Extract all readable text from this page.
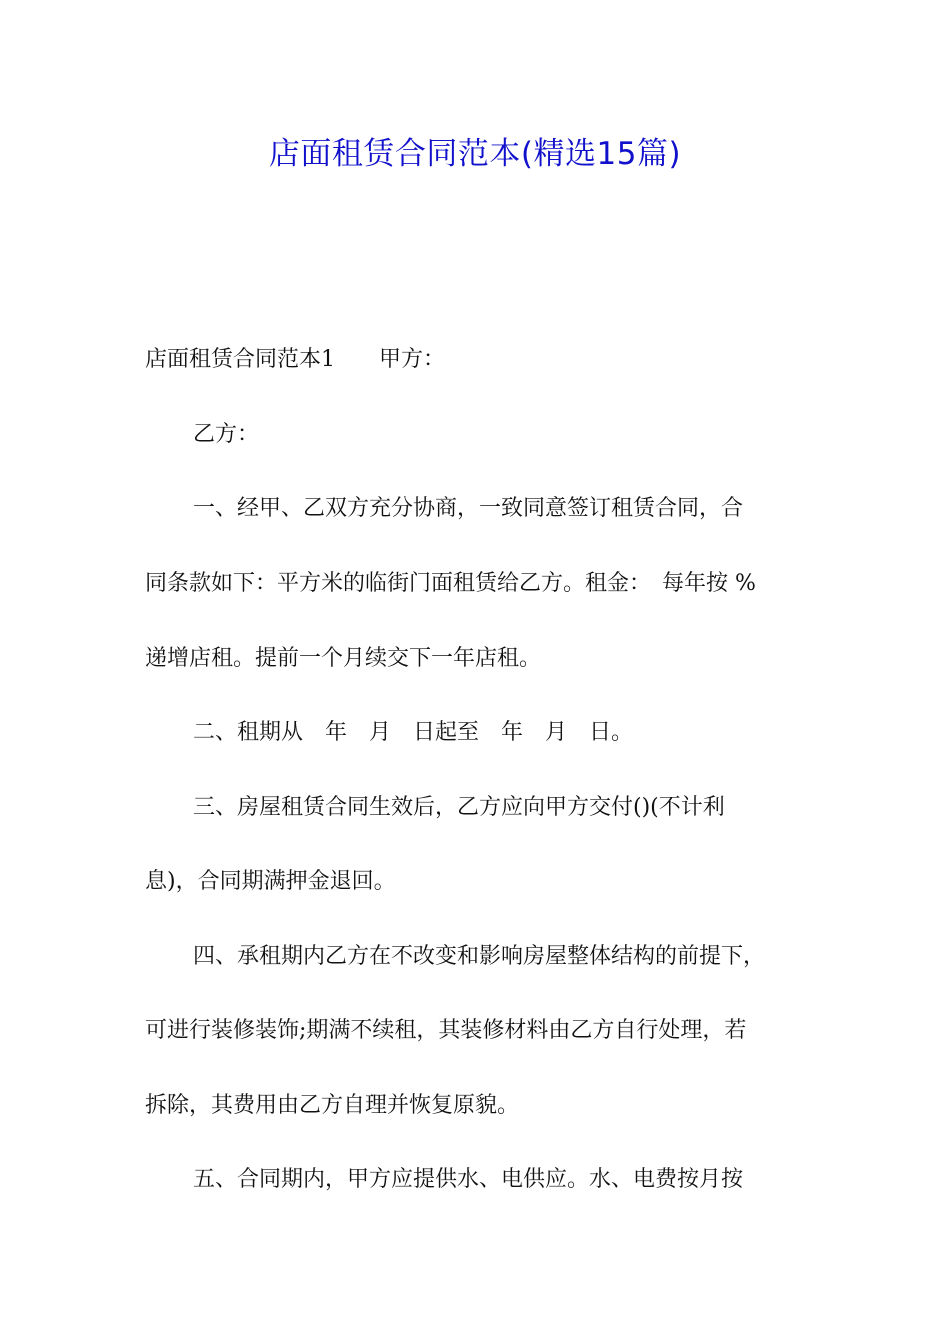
店面租赁合同范本(精选15篇)

店面租赁合同范本1　　甲方：

乙方：

一、经甲、乙双方充分协商，一致同意签订租赁合同，合

同条款如下：平方米的临街门面租赁给乙方。租金：　每年按 %

递增店租。提前一个月续交下一年店租。

二、租期从　年　月　日起至　年　月　日。

三、房屋租赁合同生效后，乙方应向甲方交付()(不计利

息)，合同期满押金退回。

四、承租期内乙方在不改变和影响房屋整体结构的前提下，

可进行装修装饰;期满不续租，其装修材料由乙方自行处理，若

拆除，其费用由乙方自理并恢复原貌。

五、合同期内，甲方应提供水、电供应。水、电费按月按
